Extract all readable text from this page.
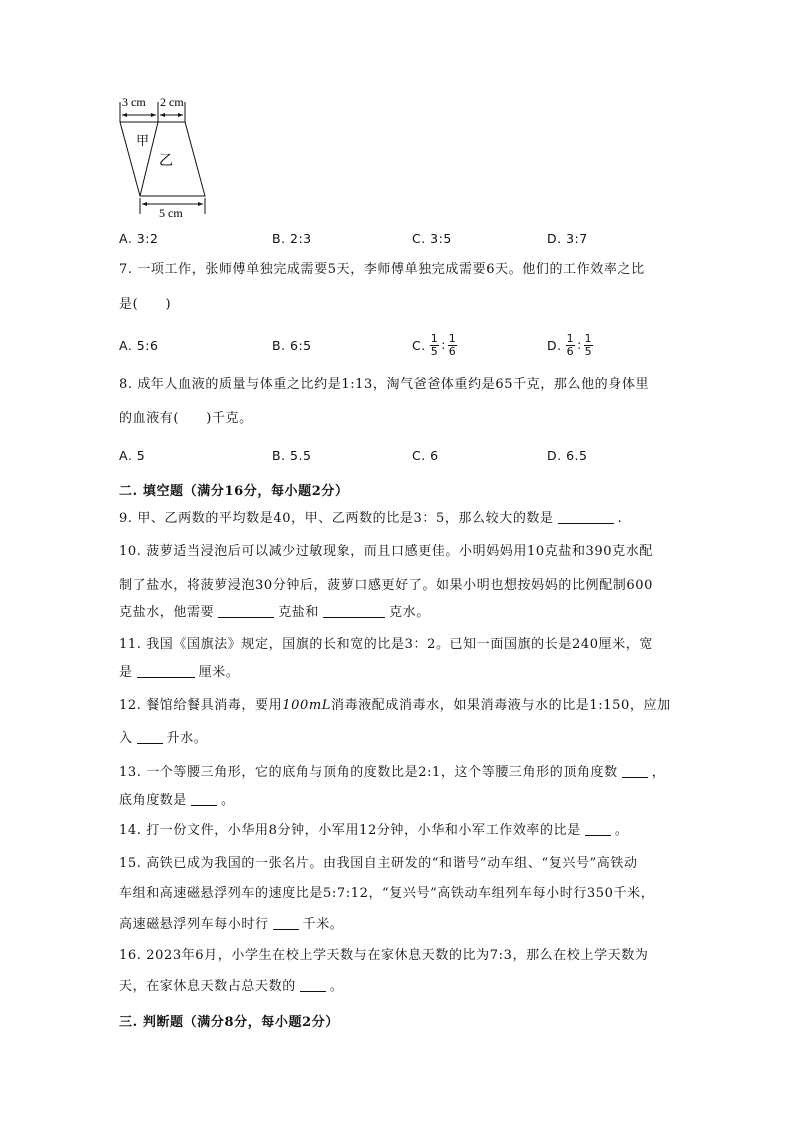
3 cm 2 cm
甲
乙
5 cm
A. 3:2	B. 2:3	C. 3:5	D. 3:7
7. 一项工作，张师傅单独完成需要5天，李师傅单独完成需要6天。他们的工作效率之比
是(　　)
A. 5:6	B. 6:5	C. $\frac{1}{5}$ : $\frac{1}{6}$	D. $\frac{1}{6}$ : $\frac{1}{5}$
8. 成年人血液的质量与体重之比约是1:13，淘气爸爸体重约是65千克，那么他的身体里
的血液有(　　)千克。
A. 5	B. 5.5	C. 6	D. 6.5
二. 填空题（满分16分，每小题2分）
9. 甲、乙两数的平均数是40，甲、乙两数的比是3：5，那么较大的数是	.
10. 菠萝适当浸泡后可以减少过敏现象，而且口感更佳。小明妈妈用10克盐和390克水配
制了盐水，将菠萝浸泡30分钟后，菠萝口感更好了。如果小明也想按妈妈的比例配制600
克盐水，他需要	克盐和	克水。
11. 我国《国旗法》规定，国旗的长和宽的比是3：2。已知一面国旗的长是240厘米，宽
是	厘米。
12. 餐馆给餐具消毒，要用100mL消毒液配成消毒水，如果消毒液与水的比是1:150，应加
入	升水。
13. 一个等腰三角形，它的底角与顶角的度数比是2:1，这个等腰三角形的顶角度数	，
底角度数是	。
14. 打一份文件，小华用8分钟，小军用12分钟，小华和小军工作效率的比是	。
15. 高铁已成为我国的一张名片。由我国自主研发的“和谐号”动车组、“复兴号”高铁动
车组和高速磁悬浮列车的速度比是5:7:12，“复兴号”高铁动车组列车每小时行350千米，
高速磁悬浮列车每小时行	千米。
16. 2023年6月，小学生在校上学天数与在家休息天数的比为7:3，那么在校上学天数为
天，在家休息天数占总天数的	。
三. 判断题（满分8分，每小题2分）
